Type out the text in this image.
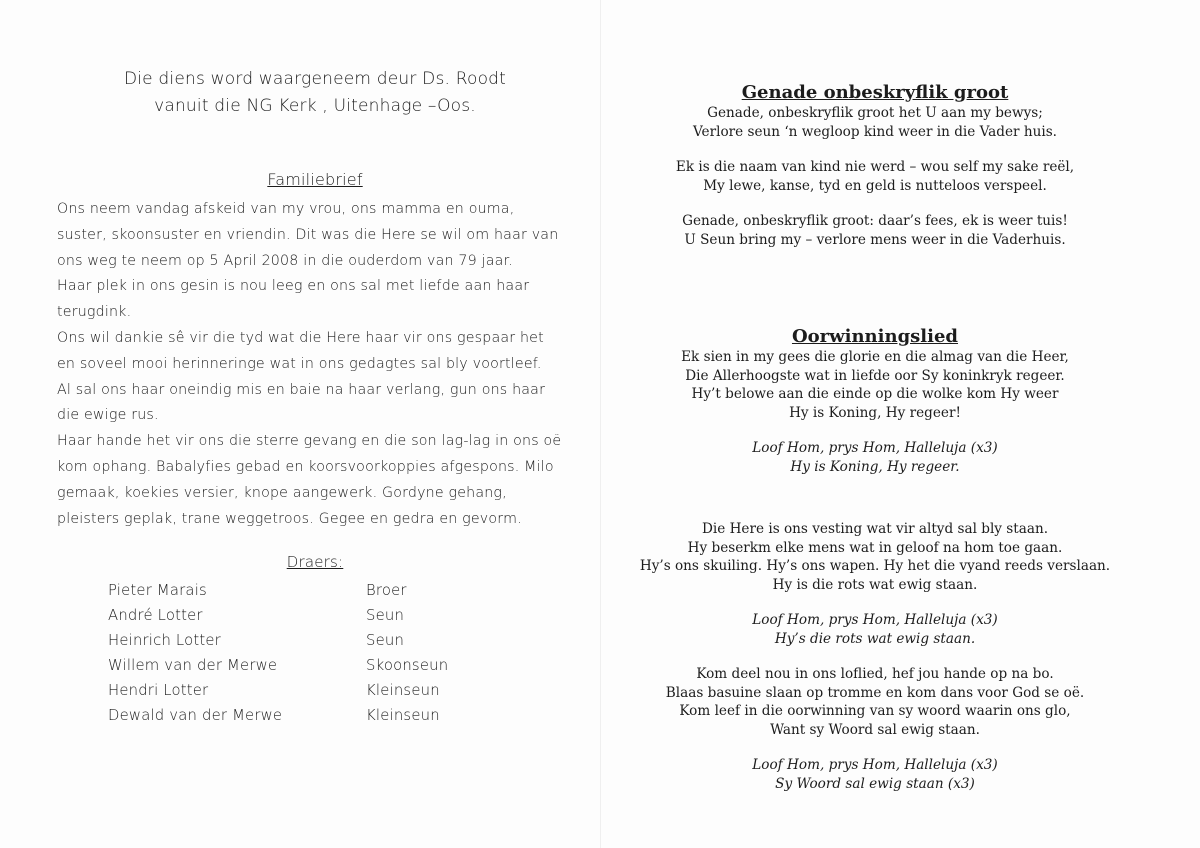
Die diens word waargeneem deur Ds. Roodt
vanuit die NG Kerk , Uitenhage –Oos.
Familiebrief

Ons neem vandag afskeid van my vrou, ons mamma en ouma, suster, skoonsuster en vriendin. Dit was die Here se wil om haar van ons weg te neem op 5 April 2008 in die ouderdom van 79 jaar.

Haar plek in ons gesin is nou leeg en ons sal met liefde aan haar terugdink.

Ons wil dankie sê vir die tyd wat die Here haar vir ons gespaar het en soveel mooi herinneringe wat in ons gedagtes sal bly voortleef.

Al sal ons haar oneindig mis en baie na haar verlang, gun ons haar die ewige rus.

Haar hande het vir ons die sterre gevang en die son lag-lag in ons oë kom ophang. Babalyfies gebad en koorsvoorkoppies afgespons. Milo gemaak, koekies versier, knope aangewerk. Gordyne gehang, pleisters geplak, trane weggetroos. Gegee en gedra en gevorm.

Draers:
Pieter Marais	Broer
André Lotter	Seun
Heinrich Lotter	Seun
Willem van der Merwe	Skoonseun
Hendri Lotter	Kleinseun
Dewald van der Merwe	Kleinseun
Genade onbeskryflik groot

Genade, onbeskryflik groot het U aan my bewys;

Verlore seun ‘n wegloop kind weer in die Vader huis.

Ek is die naam van kind nie werd – wou self my sake reël,

My lewe, kanse, tyd en geld is nutteloos verspeel.

Genade, onbeskryflik groot: daar’s fees, ek is weer tuis!

U Seun bring my – verlore mens weer in die Vaderhuis.

Oorwinningslied

Ek sien in my gees die glorie en die almag van die Heer,

Die Allerhoogste wat in liefde oor Sy koninkryk regeer.

Hy’t belowe aan die einde op die wolke kom Hy weer

Hy is Koning, Hy regeer!

Loof Hom, prys Hom, Halleluja (x3)

Hy is Koning, Hy regeer.

Die Here is ons vesting wat vir altyd sal bly staan.

Hy beserkm elke mens wat in geloof na hom toe gaan.

Hy’s ons skuiling. Hy’s ons wapen. Hy het die vyand reeds verslaan.

Hy is die rots wat ewig staan.

Loof Hom, prys Hom, Halleluja (x3)

Hy’s die rots wat ewig staan.

Kom deel nou in ons loflied, hef jou hande op na bo.

Blaas basuine slaan op tromme en kom dans voor God se oë.

Kom leef in die oorwinning van sy woord waarin ons glo,

Want sy Woord sal ewig staan.

Loof Hom, prys Hom, Halleluja (x3)

Sy Woord sal ewig staan (x3)
